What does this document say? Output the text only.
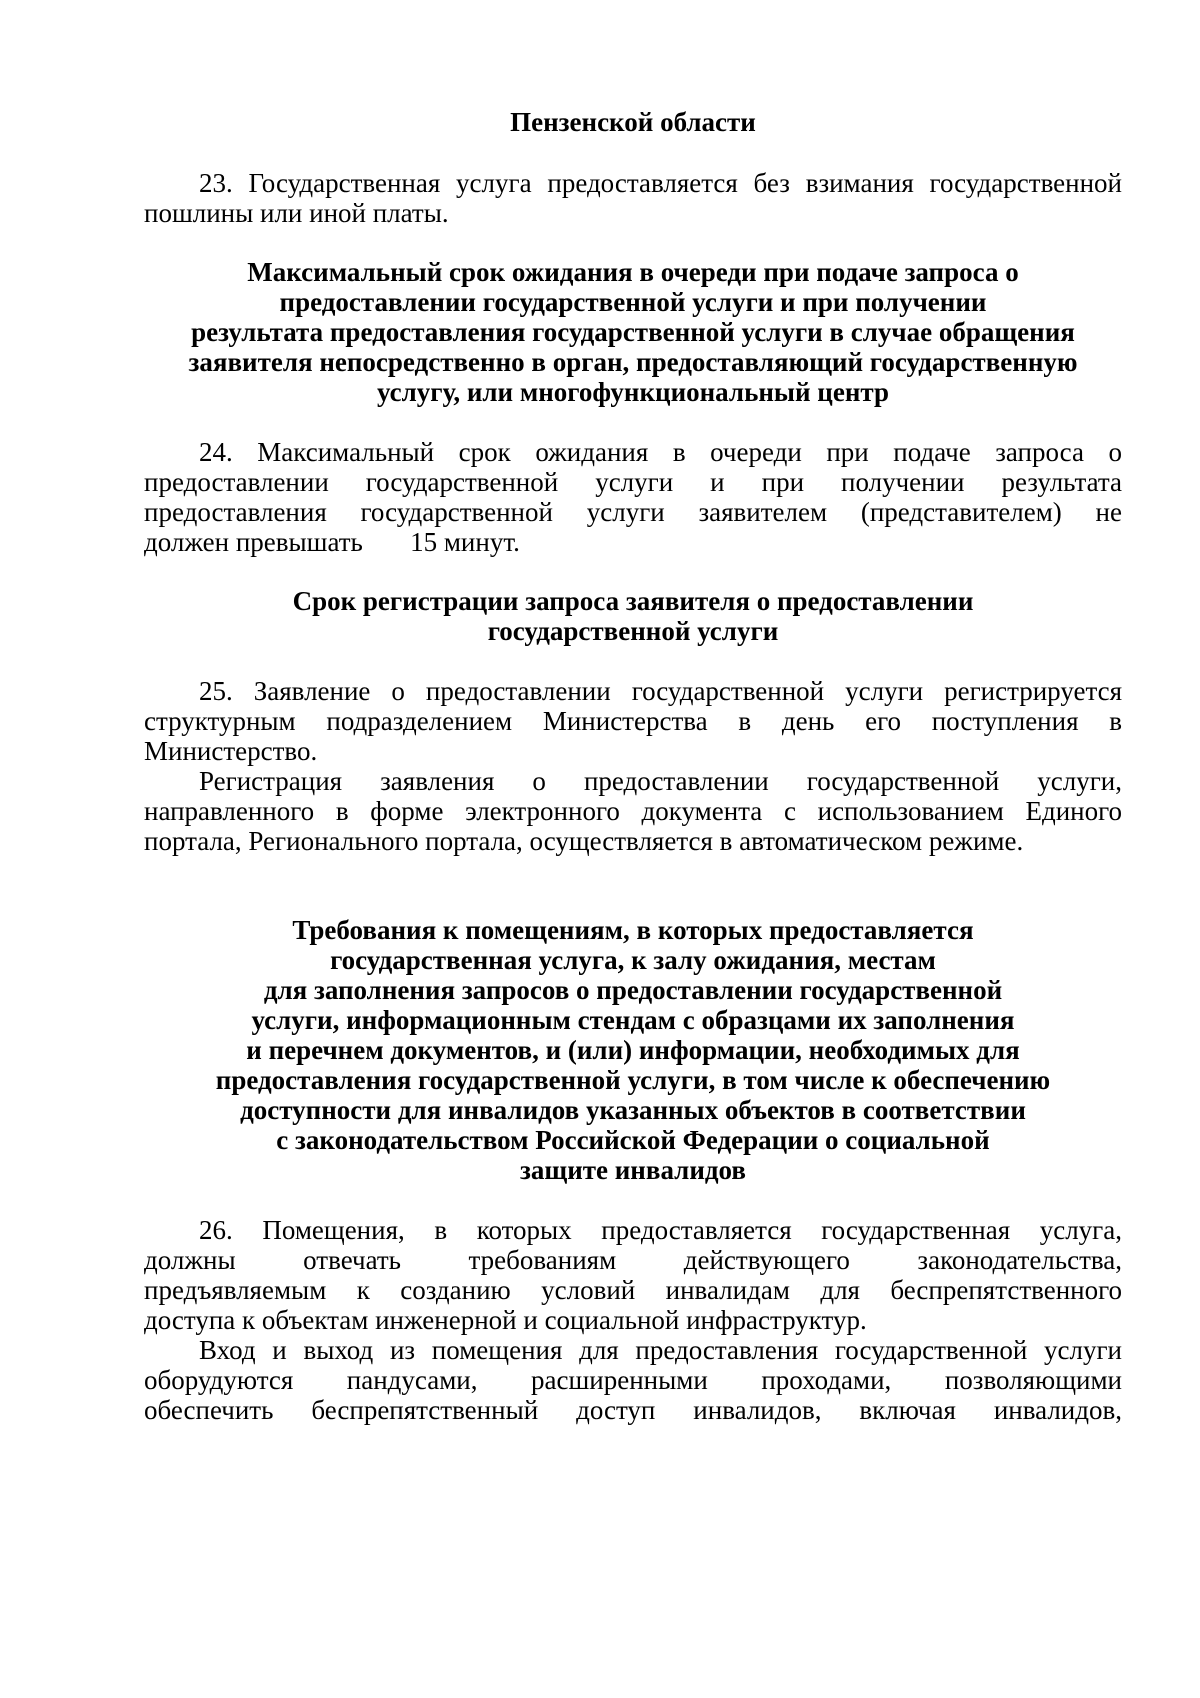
Пензенской области
23. Государственная услуга предоставляется без взимания государственной
пошлины или иной платы.
Максимальный срок ожидания в очереди при подаче запроса о
предоставлении государственной услуги и при получении
результата предоставления государственной услуги в случае обращения
заявителя непосредственно в орган, предоставляющий государственную
услугу, или многофункциональный центр
24. Максимальный срок ожидания в очереди при подаче запроса о
предоставлении государственной услуги и при получении результата
предоставления государственной услуги заявителем (представителем) не
должен превышать       15 минут.
Срок регистрации запроса заявителя о предоставлении
государственной услуги
25. Заявление о предоставлении государственной услуги регистрируется
структурным подразделением Министерства в день его поступления в
Министерство.
Регистрация заявления о предоставлении государственной услуги,
направленного в форме электронного документа с использованием Единого
портала, Регионального портала, осуществляется в автоматическом режиме.
Требования к помещениям, в которых предоставляется
государственная услуга, к залу ожидания, местам
для заполнения запросов о предоставлении государственной
услуги, информационным стендам с образцами их заполнения
и перечнем документов, и (или) информации, необходимых для
предоставления государственной услуги, в том числе к обеспечению
доступности для инвалидов указанных объектов в соответствии
с законодательством Российской Федерации о социальной
защите инвалидов
26. Помещения, в которых предоставляется государственная услуга,
должны отвечать требованиям действующего законодательства,
предъявляемым к созданию условий инвалидам для беспрепятственного
доступа к объектам инженерной и социальной инфраструктур.
Вход и выход из помещения для предоставления государственной услуги
оборудуются пандусами, расширенными проходами, позволяющими
обеспечить беспрепятственный доступ инвалидов, включая инвалидов,
